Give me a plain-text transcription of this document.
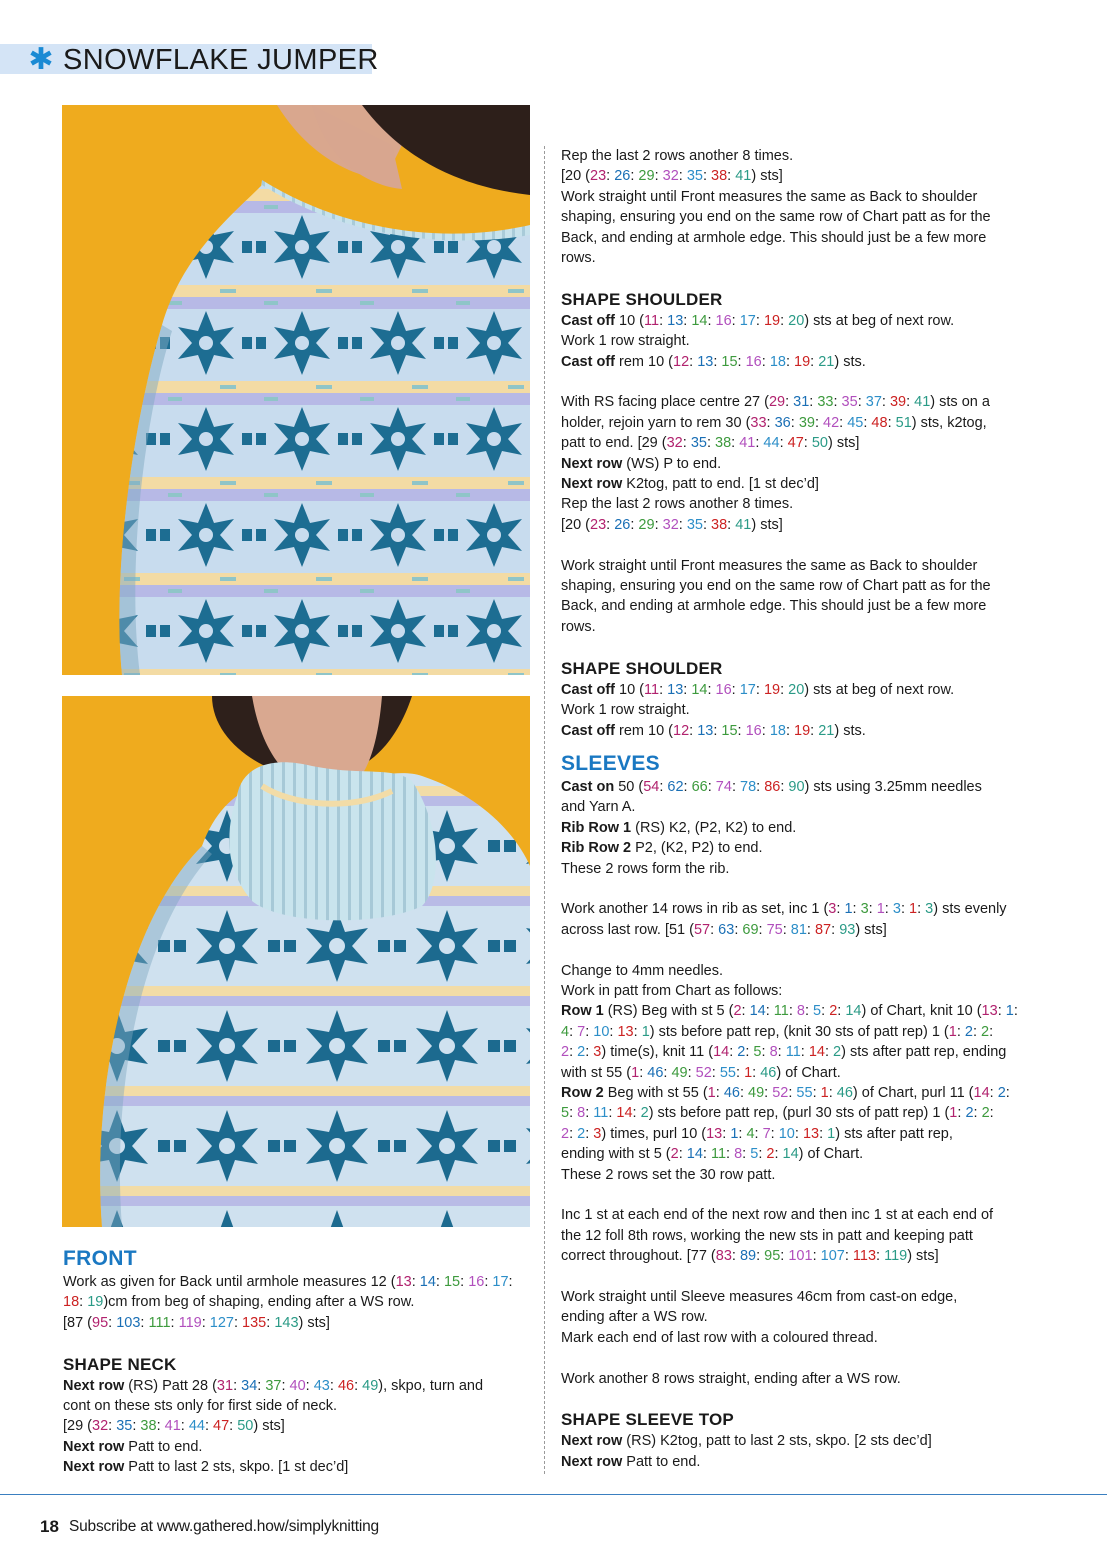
✱ SNOWFLAKE JUMPER
FRONT

Work as given for Back until armhole measures 12 (13: 14: 15: 16: 17:

18: 19)cm from beg of shaping, ending after a WS row.

[87 (95: 103: 111: 119: 127: 135: 143) sts]

SHAPE NECK

Next row (RS) Patt 28 (31: 34: 37: 40: 43: 46: 49), skpo, turn and

cont on these sts only for first side of neck.

[29 (32: 35: 38: 41: 44: 47: 50) sts]

Next row Patt to end.

Next row Patt to last 2 sts, skpo. [1 st dec’d]

Rep the last 2 rows another 8 times.

[20 (23: 26: 29: 32: 35: 38: 41) sts]

Work straight until Front measures the same as Back to shoulder

shaping, ensuring you end on the same row of Chart patt as for the

Back, and ending at armhole edge. This should just be a few more

rows.

SHAPE SHOULDER

Cast off 10 (11: 13: 14: 16: 17: 19: 20) sts at beg of next row.

Work 1 row straight.

Cast off rem 10 (12: 13: 15: 16: 18: 19: 21) sts.

With RS facing place centre 27 (29: 31: 33: 35: 37: 39: 41) sts on a

holder, rejoin yarn to rem 30 (33: 36: 39: 42: 45: 48: 51) sts, k2tog,

patt to end. [29 (32: 35: 38: 41: 44: 47: 50) sts]

Next row (WS) P to end.

Next row K2tog, patt to end. [1 st dec’d]

Rep the last 2 rows another 8 times.

[20 (23: 26: 29: 32: 35: 38: 41) sts]

Work straight until Front measures the same as Back to shoulder

shaping, ensuring you end on the same row of Chart patt as for the

Back, and ending at armhole edge. This should just be a few more

rows.

SHAPE SHOULDER

Cast off 10 (11: 13: 14: 16: 17: 19: 20) sts at beg of next row.

Work 1 row straight.

Cast off rem 10 (12: 13: 15: 16: 18: 19: 21) sts.

SLEEVES

Cast on 50 (54: 62: 66: 74: 78: 86: 90) sts using 3.25mm needles

and Yarn A.

Rib Row 1 (RS) K2, (P2, K2) to end.

Rib Row 2 P2, (K2, P2) to end.

These 2 rows form the rib.

Work another 14 rows in rib as set, inc 1 (3: 1: 3: 1: 3: 1: 3) sts evenly

across last row. [51 (57: 63: 69: 75: 81: 87: 93) sts]

Change to 4mm needles.

Work in patt from Chart as follows:

Row 1 (RS) Beg with st 5 (2: 14: 11: 8: 5: 2: 14) of Chart, knit 10 (13: 1:

4: 7: 10: 13: 1) sts before patt rep, (knit 30 sts of patt rep) 1 (1: 2: 2:

2: 2: 3) time(s), knit 11 (14: 2: 5: 8: 11: 14: 2) sts after patt rep, ending

with st 55 (1: 46: 49: 52: 55: 1: 46) of Chart.

Row 2 Beg with st 55 (1: 46: 49: 52: 55: 1: 46) of Chart, purl 11 (14: 2:

5: 8: 11: 14: 2) sts before patt rep, (purl 30 sts of patt rep) 1 (1: 2: 2:

2: 2: 3) times, purl 10 (13: 1: 4: 7: 10: 13: 1) sts after patt rep,

ending with st 5 (2: 14: 11: 8: 5: 2: 14) of Chart.

These 2 rows set the 30 row patt.

Inc 1 st at each end of the next row and then inc 1 st at each end of

the 12 foll 8th rows, working the new sts in patt and keeping patt

correct throughout. [77 (83: 89: 95: 101: 107: 113: 119) sts]

Work straight until Sleeve measures 46cm from cast-on edge,

ending after a WS row.

Mark each end of last row with a coloured thread.

Work another 8 rows straight, ending after a WS row.

SHAPE SLEEVE TOP

Next row (RS) K2tog, patt to last 2 sts, skpo. [2 sts dec’d]

Next row Patt to end.

18 Subscribe at www.gathered.how/simplyknitting
